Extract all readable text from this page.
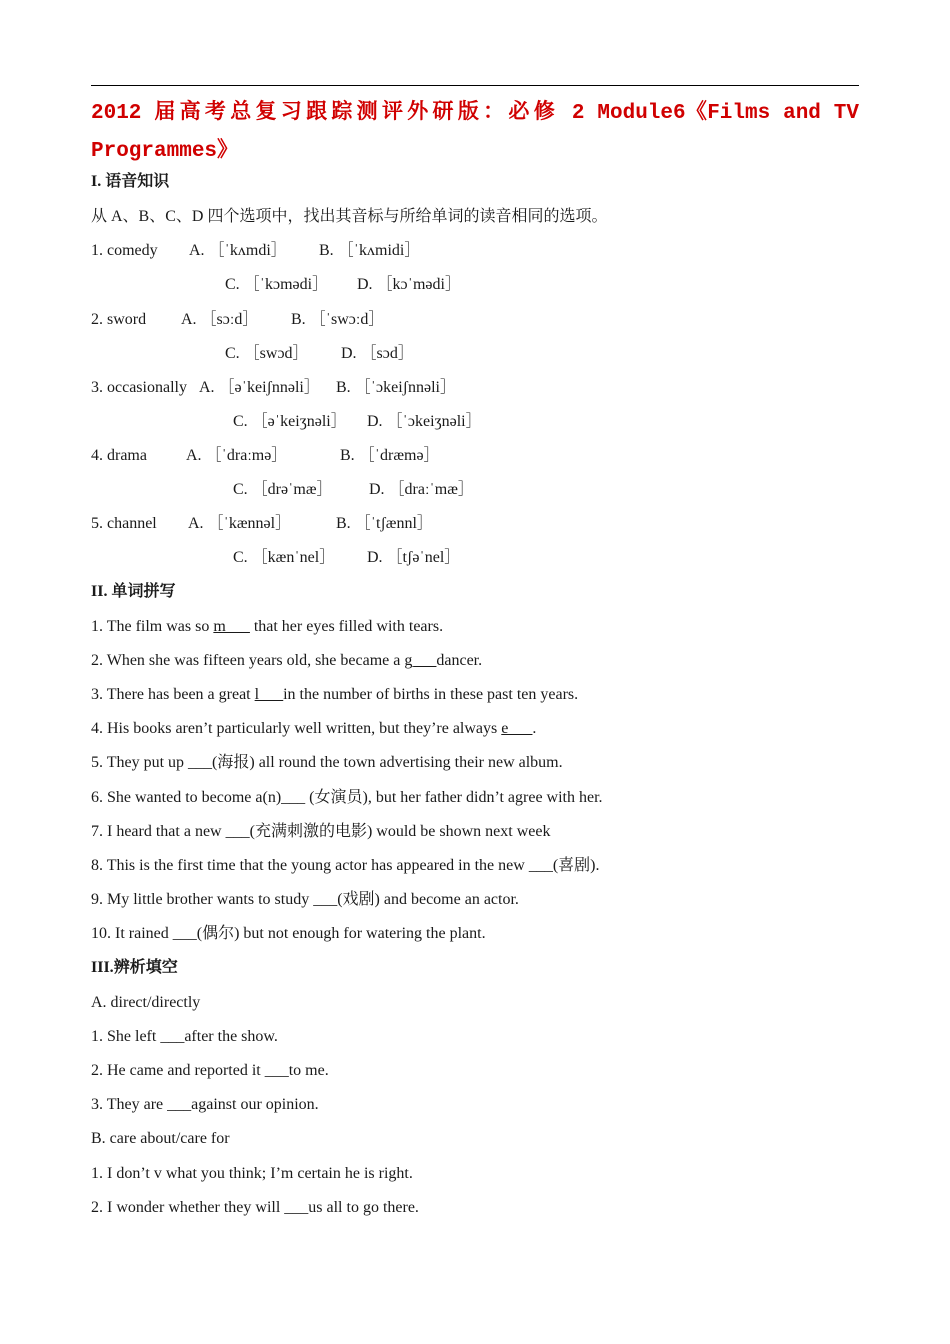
2012 届高考总复习跟踪测评外研版：必修 2 Module6《Films and TV Programmes》
I. 语音知识
从 A、B、C、D 四个选项中，找出其音标与所给单词的读音相同的选项。
1. comedy A. ［ˈkʌmdi］ B. ［ˈkʌmidi］
C. ［ˈkɔmədi］ D. ［kɔˈmədi］
2. sword A. ［sɔːd］ B. ［ˈswɔːd］
C. ［swɔd］ D. ［sɔd］
3. occasionally A. ［əˈkeiʃnnəli］ B. ［ˈɔkeiʃnnəli］
C. ［əˈkeiʒnəli］ D. ［ˈɔkeiʒnəli］
4. drama A. ［ˈdraːmə］	B. ［ˈdræmə］
C. ［drəˈmæ］ D. ［draːˈmæ］
5. channel A. ［ˈkænnəl］	B. ［ˈtʃænnl］
C. ［kænˈnel］ D. ［tʃəˈnel］
II. 单词拼写
1. The film was so m___ that her eyes filled with tears.
2. When she was fifteen years old, she became a g___dancer.
3. There has been a great l___in the number of births in these past ten years.
4. His books aren’t particularly well written, but they’re always e___.
5. They put up ___(海报) all round the town advertising their new album.
6. She wanted to become a(n)___ (女演员), but her father didn’t agree with her.
7. I heard that a new ___(充满刺激的电影) would be shown next week
8. This is the first time that the young actor has appeared in the new ___(喜剧).
9. My little brother wants to study ___(戏剧) and become an actor.
10. It rained ___(偶尔) but not enough for watering the plant.
III.辨析填空
A. direct/directly
1. She left ___after the show.
2. He came and reported it ___to me.
3. They are ___against our opinion.
B. care about/care for
1. I don’t v what you think; I’m certain he is right.
2. I wonder whether they will ___us all to go there.
